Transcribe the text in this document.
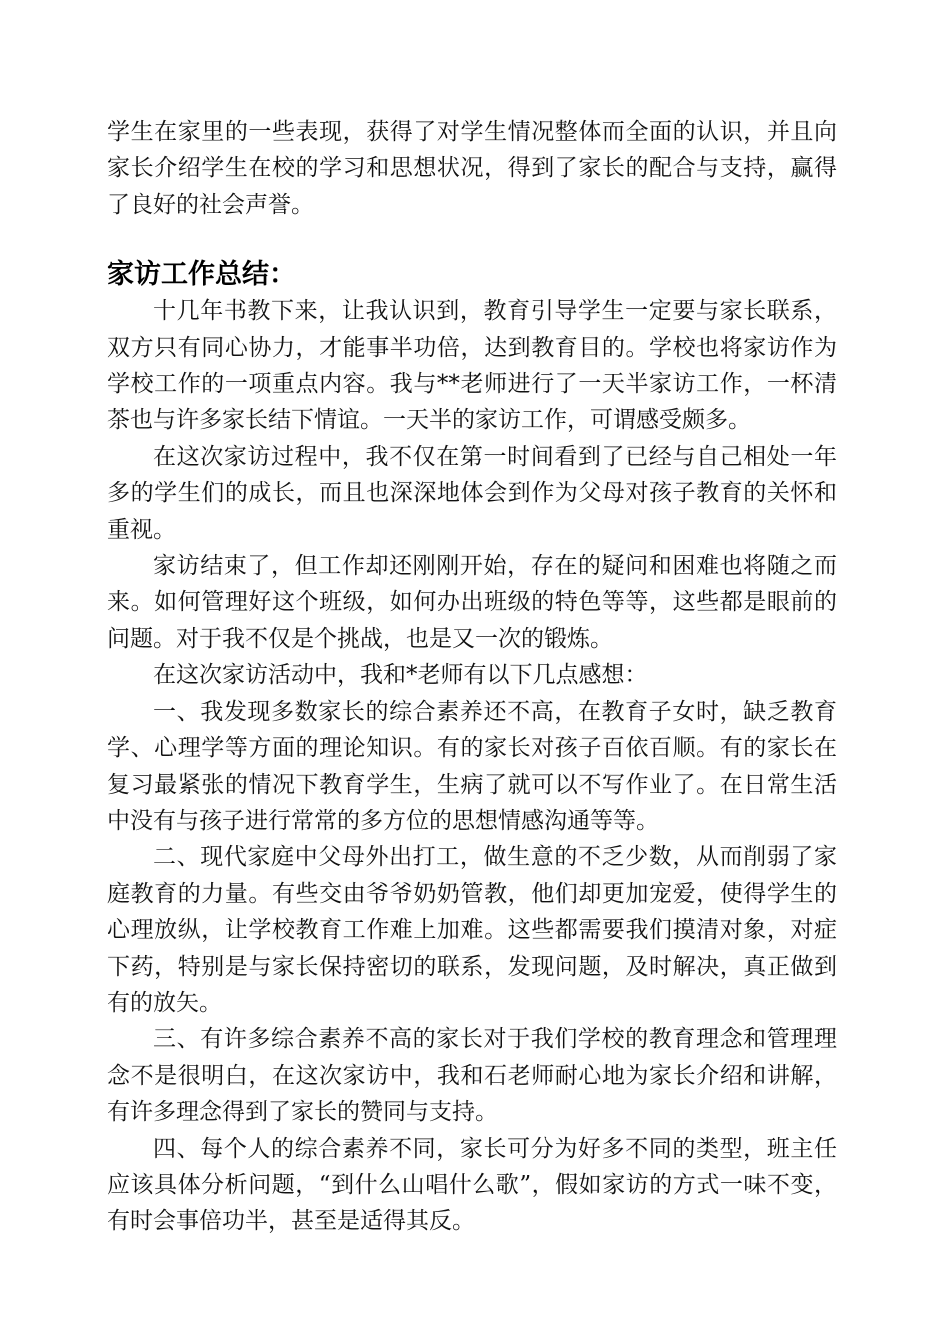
学生在家里的一些表现，获得了对学生情况整体而全面的认识，并且向家长介绍学生在校的学习和思想状况，得到了家长的配合与支持，赢得了良好的社会声誉。

家访工作总结：

十几年书教下来，让我认识到，教育引导学生一定要与家长联系，双方只有同心协力，才能事半功倍，达到教育目的。学校也将家访作为学校工作的一项重点内容。我与**老师进行了一天半家访工作，一杯清茶也与许多家长结下情谊。一天半的家访工作，可谓感受颇多。

在这次家访过程中，我不仅在第一时间看到了已经与自己相处一年多的学生们的成长，而且也深深地体会到作为父母对孩子教育的关怀和重视。

家访结束了，但工作却还刚刚开始，存在的疑问和困难也将随之而来。如何管理好这个班级，如何办出班级的特色等等，这些都是眼前的问题。对于我不仅是个挑战，也是又一次的锻炼。

在这次家访活动中，我和*老师有以下几点感想：

一、我发现多数家长的综合素养还不高，在教育子女时，缺乏教育学、心理学等方面的理论知识。有的家长对孩子百依百顺。有的家长在复习最紧张的情况下教育学生，生病了就可以不写作业了。在日常生活中没有与孩子进行常常的多方位的思想情感沟通等等。

二、现代家庭中父母外出打工，做生意的不乏少数，从而削弱了家庭教育的力量。有些交由爷爷奶奶管教，他们却更加宠爱，使得学生的心理放纵，让学校教育工作难上加难。这些都需要我们摸清对象，对症下药，特别是与家长保持密切的联系，发现问题，及时解决，真正做到有的放矢。

三、有许多综合素养不高的家长对于我们学校的教育理念和管理理念不是很明白，在这次家访中，我和石老师耐心地为家长介绍和讲解，有许多理念得到了家长的赞同与支持。

四、每个人的综合素养不同，家长可分为好多不同的类型，班主任应该具体分析问题，“到什么山唱什么歌”，假如家访的方式一味不变，有时会事倍功半，甚至是适得其反。
